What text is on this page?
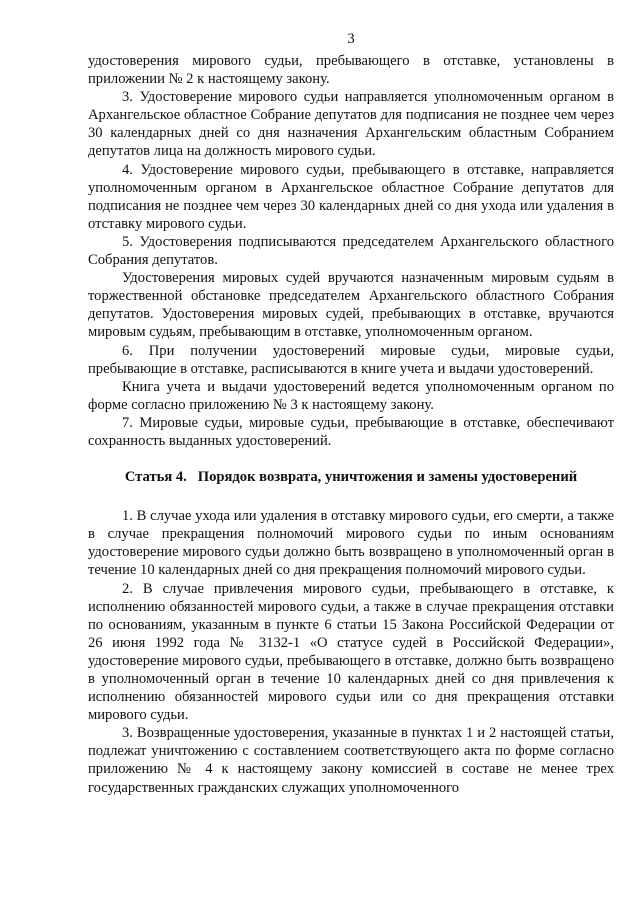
3

удостоверения мирового судьи, пребывающего в отставке, установлены в приложении № 2 к настоящему закону.

3. Удостоверение мирового судьи направляется уполномоченным органом в Архангельское областное Собрание депутатов для подписания не позднее чем через 30 календарных дней со дня назначения Архангельским областным Собранием депутатов лица на должность мирового судьи.

4. Удостоверение мирового судьи, пребывающего в отставке, направляется уполномоченным органом в Архангельское областное Собрание депутатов для подписания не позднее чем через 30 календарных дней со дня ухода или удаления в отставку мирового судьи.

5. Удостоверения подписываются председателем Архангельского областного Собрания депутатов.

Удостоверения мировых судей вручаются назначенным мировым судьям в торжественной обстановке председателем Архангельского областного Собрания депутатов. Удостоверения мировых судей, пребывающих в отставке, вручаются мировым судьям, пребывающим в отставке, уполномоченным органом.

6. При получении удостоверений мировые судьи, мировые судьи, пребывающие в отставке, расписываются в книге учета и выдачи удостоверений.

Книга учета и выдачи удостоверений ведется уполномоченным органом по форме согласно приложению № 3 к настоящему закону.

7. Мировые судьи, мировые судьи, пребывающие в отставке, обеспечивают сохранность выданных удостоверений.

Статья 4.   Порядок возврата, уничтожения и замены удостоверений

1. В случае ухода или удаления в отставку мирового судьи, его смерти, а также в случае прекращения полномочий мирового судьи по иным основаниям удостоверение мирового судьи должно быть возвращено в уполномоченный орган в течение 10 календарных дней со дня прекращения полномочий мирового судьи.

2. В случае привлечения мирового судьи, пребывающего в отставке, к исполнению обязанностей мирового судьи, а также в случае прекращения отставки по основаниям, указанным в пункте 6 статьи 15 Закона Российской Федерации от 26 июня 1992 года № 3132-1 «О статусе судей в Российской Федерации», удостоверение мирового судьи, пребывающего в отставке, должно быть возвращено в уполномоченный орган в течение 10 календарных дней со дня привлечения к исполнению обязанностей мирового судьи или со дня прекращения отставки мирового судьи.

3. Возвращенные удостоверения, указанные в пунктах 1 и 2 настоящей статьи, подлежат уничтожению с составлением соответствующего акта по форме согласно приложению № 4 к настоящему закону комиссией в составе не менее трех государственных гражданских служащих уполномоченного
